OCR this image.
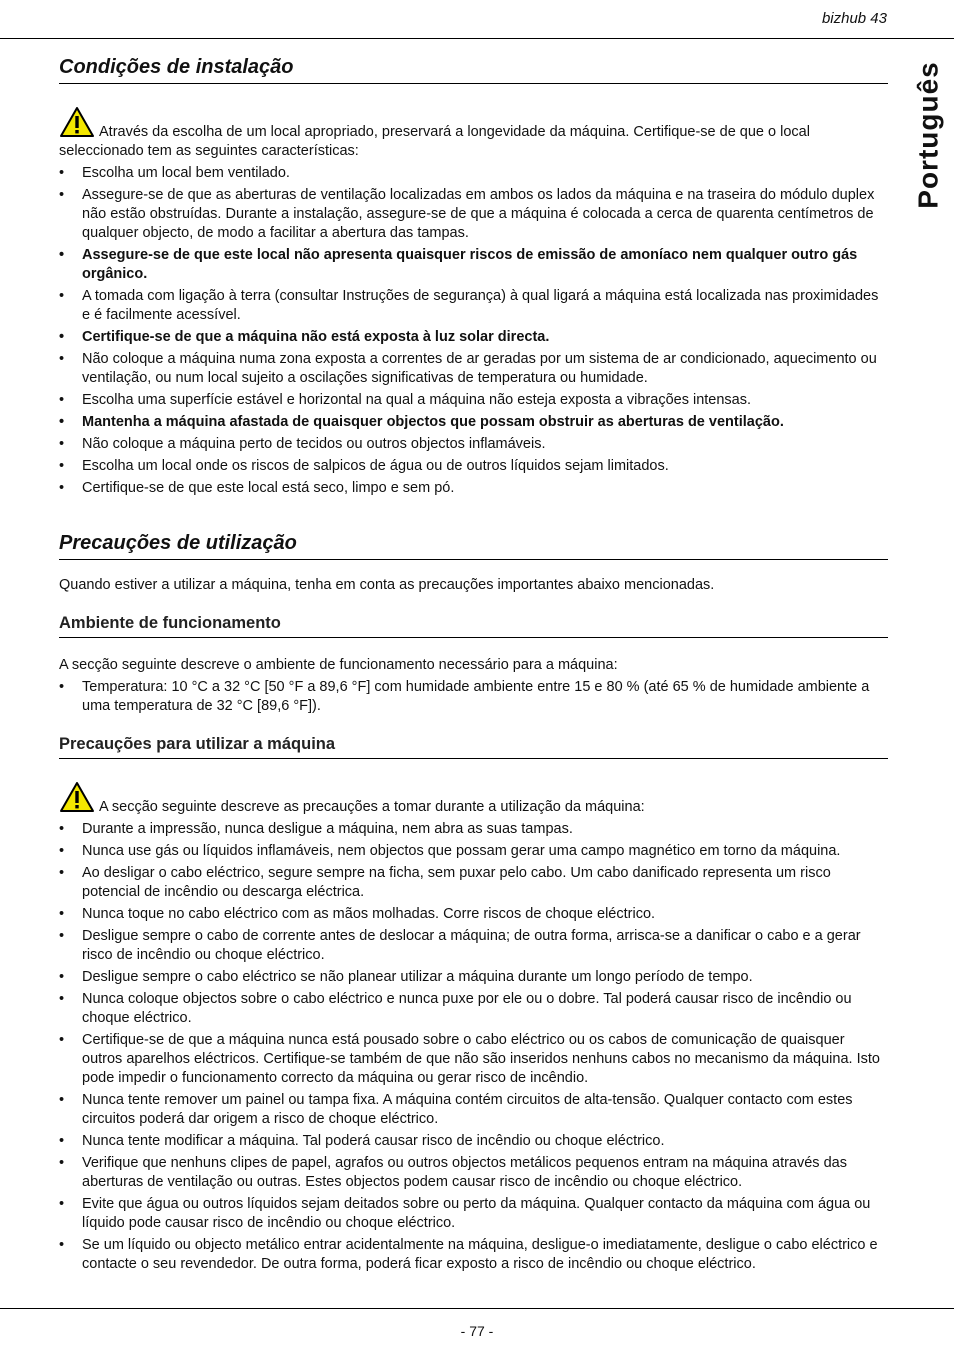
bizhub 43
Português
Condições de instalação
Através da escolha de um local apropriado, preservará a longevidade da máquina. Certifique-se de que o local seleccionado tem as seguintes características:
• Escolha um local bem ventilado.
• Assegure-se de que as aberturas de ventilação localizadas em ambos os lados da máquina e na traseira do módulo duplex não estão obstruídas. Durante a instalação, assegure-se de que a máquina é colocada a cerca de quarenta centímetros de qualquer objecto, de modo a facilitar a abertura das tampas.
• Assegure-se de que este local não apresenta quaisquer riscos de emissão de amoníaco nem qualquer outro gás orgânico.
• A tomada com ligação à terra (consultar Instruções de segurança) à qual ligará a máquina está localizada nas proximidades e é facilmente acessível.
• Certifique-se de que a máquina não está exposta à luz solar directa.
• Não coloque a máquina numa zona exposta a correntes de ar geradas por um sistema de ar condicionado, aquecimento ou ventilação, ou num local sujeito a oscilações significativas de temperatura ou humidade.
• Escolha uma superfície estável e horizontal na qual a máquina não esteja exposta a vibrações intensas.
• Mantenha a máquina afastada de quaisquer objectos que possam obstruir as aberturas de ventilação.
• Não coloque a máquina perto de tecidos ou outros objectos inflamáveis.
• Escolha um local onde os riscos de salpicos de água ou de outros líquidos sejam limitados.
• Certifique-se de que este local está seco, limpo e sem pó.
Precauções de utilização
Quando estiver a utilizar a máquina, tenha em conta as precauções importantes abaixo mencionadas.
Ambiente de funcionamento
A secção seguinte descreve o ambiente de funcionamento necessário para a máquina:
• Temperatura: 10 °C a 32 °C [50 °F a 89,6 °F] com humidade ambiente entre 15 e 80 % (até 65 % de humidade ambiente a uma temperatura de 32 °C [89,6 °F]).
Precauções para utilizar a máquina
A secção seguinte descreve as precauções a tomar durante a utilização da máquina:
• Durante a impressão, nunca desligue a máquina, nem abra as suas tampas.
• Nunca use gás ou líquidos inflamáveis, nem objectos que possam gerar uma campo magnético em torno da máquina.
• Ao desligar o cabo eléctrico, segure sempre na ficha, sem puxar pelo cabo. Um cabo danificado representa um risco potencial de incêndio ou descarga eléctrica.
• Nunca toque no cabo eléctrico com as mãos molhadas. Corre riscos de choque eléctrico.
• Desligue sempre o cabo de corrente antes de deslocar a máquina; de outra forma, arrisca-se a danificar o cabo e a gerar risco de incêndio ou choque eléctrico.
• Desligue sempre o cabo eléctrico se não planear utilizar a máquina durante um longo período de tempo.
• Nunca coloque objectos sobre o cabo eléctrico e nunca puxe por ele ou o dobre. Tal poderá causar risco de incêndio ou choque eléctrico.
• Certifique-se de que a máquina nunca está pousado sobre o cabo eléctrico ou os cabos de comunicação de quaisquer outros aparelhos eléctricos. Certifique-se também de que não são inseridos nenhuns cabos no mecanismo da máquina. Isto pode impedir o funcionamento correcto da máquina ou gerar risco de incêndio.
• Nunca tente remover um painel ou tampa fixa. A máquina contém circuitos de alta-tensão. Qualquer contacto com estes circuitos poderá dar origem a risco de choque eléctrico.
• Nunca tente modificar a máquina. Tal poderá causar risco de incêndio ou choque eléctrico.
• Verifique que nenhuns clipes de papel, agrafos ou outros objectos metálicos pequenos entram na máquina através das aberturas de ventilação ou outras. Estes objectos podem causar risco de incêndio ou choque eléctrico.
• Evite que água ou outros líquidos sejam deitados sobre ou perto da máquina. Qualquer contacto da máquina com água ou líquido pode causar risco de incêndio ou choque eléctrico.
• Se um líquido ou objecto metálico entrar acidentalmente na máquina, desligue-o imediatamente, desligue o cabo eléctrico e contacte o seu revendedor. De outra forma, poderá ficar exposto a risco de incêndio ou choque eléctrico.
- 77 -
